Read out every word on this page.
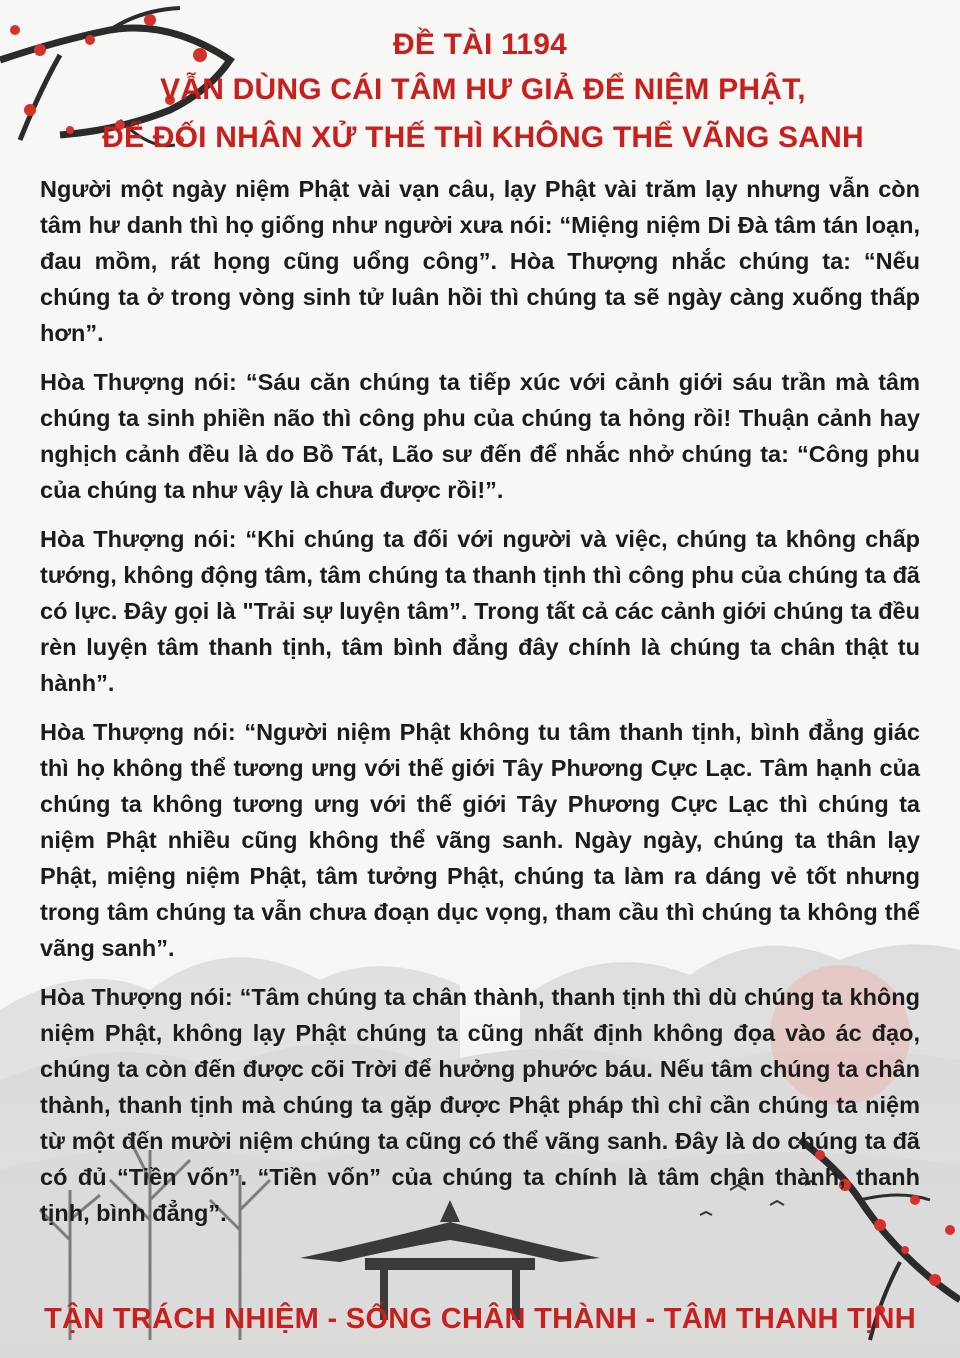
ĐỀ TÀI 1194
VẪN DÙNG CÁI TÂM HƯ GIẢ ĐỂ NIỆM PHẬT,
ĐỂ ĐỐI NHÂN XỬ THẾ THÌ KHÔNG THỂ VÃNG SANH

Người một ngày niệm Phật vài vạn câu, lạy Phật vài trăm lạy nhưng vẫn còn tâm hư danh thì họ giống như người xưa nói: “Miệng niệm Di Đà tâm tán loạn, đau mồm, rát họng cũng uổng công”. Hòa Thượng nhắc chúng ta: “Nếu chúng ta ở trong vòng sinh tử luân hồi thì chúng ta sẽ ngày càng xuống thấp hơn”.

Hòa Thượng nói: “Sáu căn chúng ta tiếp xúc với cảnh giới sáu trần mà tâm chúng ta sinh phiền não thì công phu của chúng ta hỏng rồi! Thuận cảnh hay nghịch cảnh đều là do Bồ Tát, Lão sư đến để nhắc nhở chúng ta: “Công phu của chúng ta như vậy là chưa được rồi!”.

Hòa Thượng nói: “Khi chúng ta đối với người và việc, chúng ta không chấp tướng, không động tâm, tâm chúng ta thanh tịnh thì công phu của chúng ta đã có lực. Đây gọi là "Trải sự luyện tâm”. Trong tất cả các cảnh giới chúng ta đều rèn luyện tâm thanh tịnh, tâm bình đẳng đây chính là chúng ta chân thật tu hành”.

Hòa Thượng nói: “Người niệm Phật không tu tâm thanh tịnh, bình đẳng giác thì họ không thể tương ưng với thế giới Tây Phương Cực Lạc. Tâm hạnh của chúng ta không tương ưng với thế giới Tây Phương Cực Lạc thì chúng ta niệm Phật nhiều cũng không thể vãng sanh. Ngày ngày, chúng ta thân lạy Phật, miệng niệm Phật, tâm tưởng Phật, chúng ta làm ra dáng vẻ tốt nhưng trong tâm chúng ta vẫn chưa đoạn dục vọng, tham cầu thì chúng ta không thể vãng sanh”.

Hòa Thượng nói: “Tâm chúng ta chân thành, thanh tịnh thì dù chúng ta không niệm Phật, không lạy Phật chúng ta cũng nhất định không đọa vào ác đạo, chúng ta còn đến được cõi Trời để hưởng phước báu. Nếu tâm chúng ta chân thành, thanh tịnh mà chúng ta gặp được Phật pháp thì chỉ cần chúng ta niệm từ một đến mười niệm chúng ta cũng có thể vãng sanh. Đây là do chúng ta đã có đủ “Tiền vốn”. “Tiền vốn” của chúng ta chính là tâm chân thành, thanh tịnh, bình đẳng”.

TẬN TRÁCH NHIỆM - SỐNG CHÂN THÀNH - TÂM THANH TỊNH
